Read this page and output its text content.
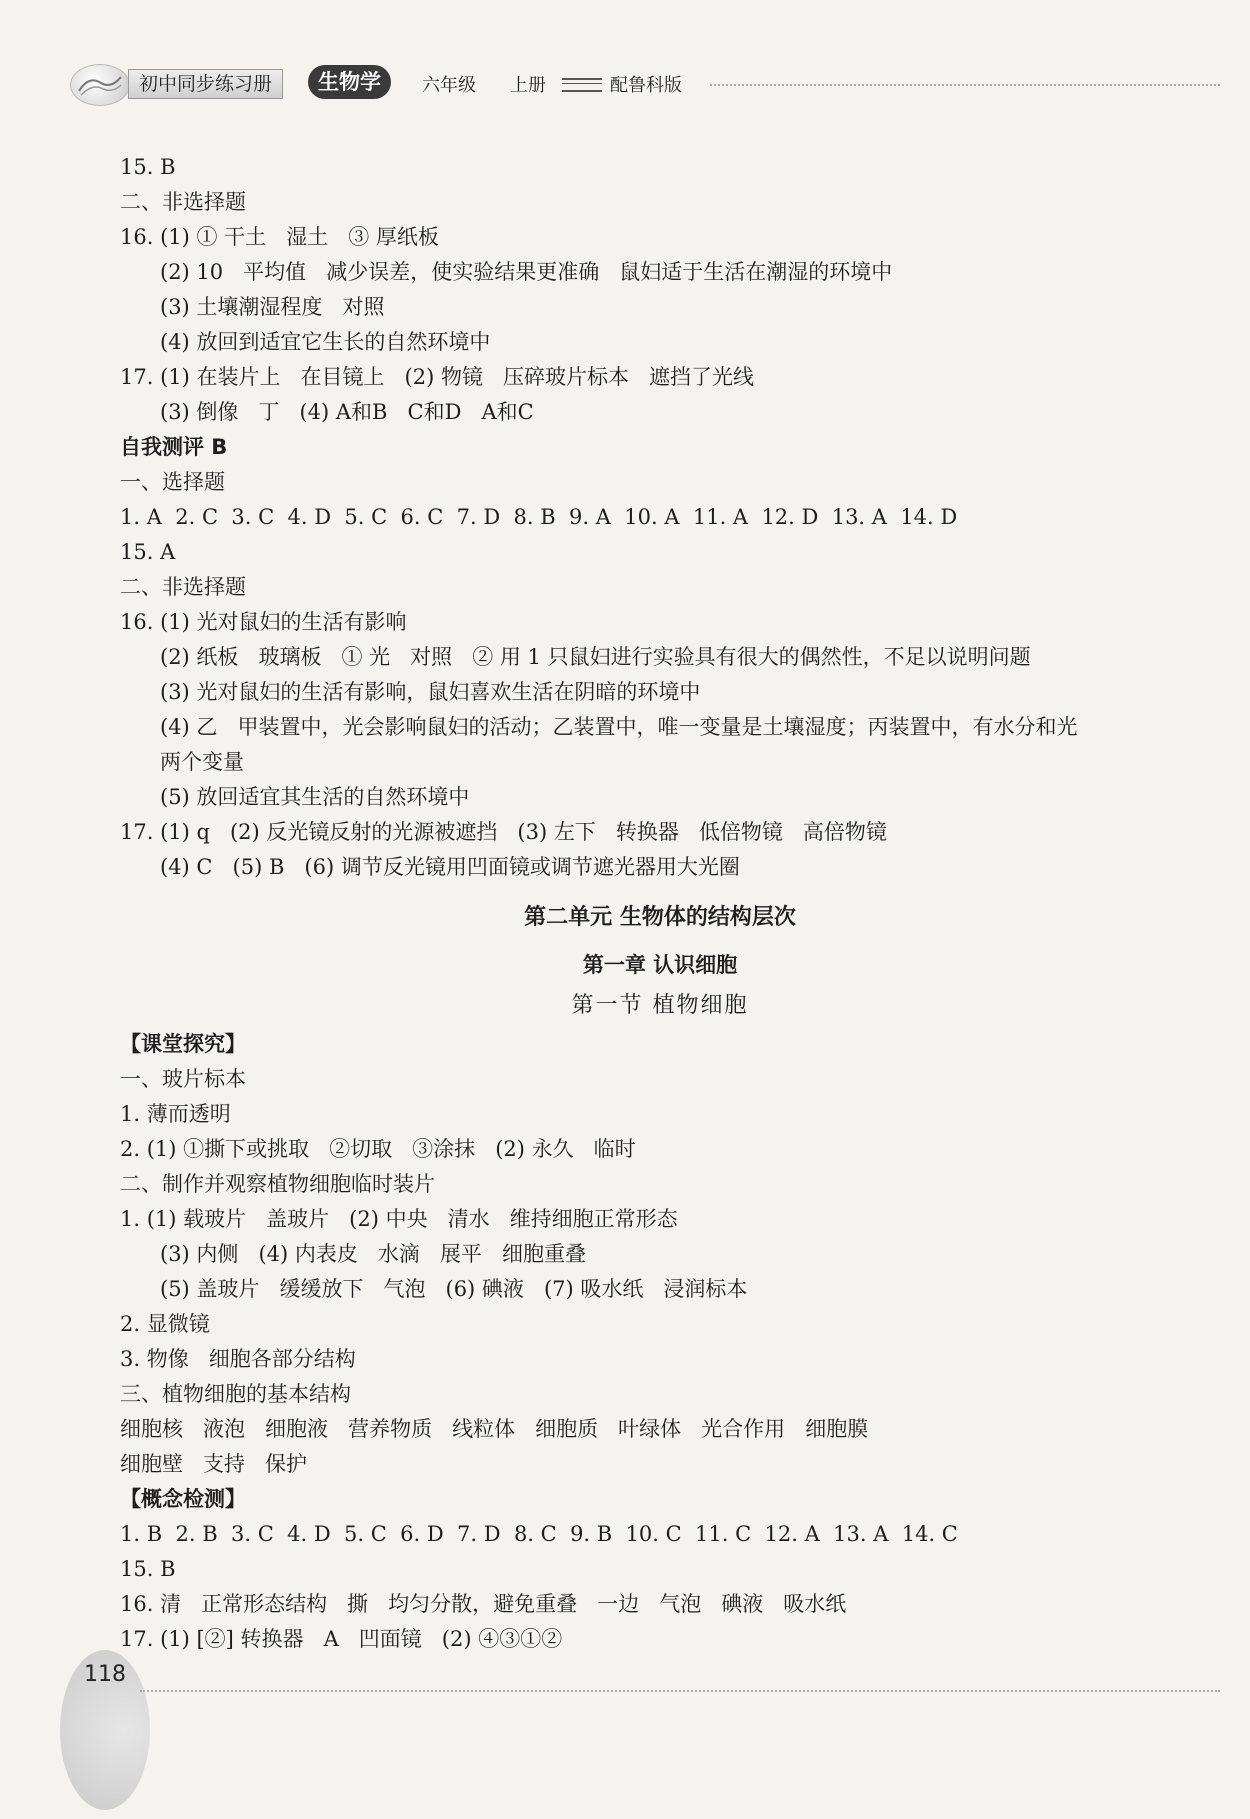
初中同步练习册	生物学	六年级 上册	配鲁科版
15. B
二、非选择题
16. (1) ① 干土   湿土   ③ 厚纸板
(2) 10   平均值   减少误差，使实验结果更准确   鼠妇适于生活在潮湿的环境中
(3) 土壤潮湿程度   对照
(4) 放回到适宜它生长的自然环境中
17. (1) 在装片上   在目镜上   (2) 物镜   压碎玻片标本   遮挡了光线
(3) 倒像   丁   (4) A和B   C和D   A和C
自我测评 B
一、选择题
1. A  2. C  3. C  4. D  5. C  6. C  7. D  8. B  9. A  10. A  11. A  12. D  13. A  14. D
15. A
二、非选择题
16. (1) 光对鼠妇的生活有影响
(2) 纸板   玻璃板   ① 光   对照   ② 用 1 只鼠妇进行实验具有很大的偶然性，不足以说明问题
(3) 光对鼠妇的生活有影响，鼠妇喜欢生活在阴暗的环境中
(4) 乙   甲装置中，光会影响鼠妇的活动；乙装置中，唯一变量是土壤湿度；丙装置中，有水分和光
两个变量
(5) 放回适宜其生活的自然环境中
17. (1) q   (2) 反光镜反射的光源被遮挡   (3) 左下   转换器   低倍物镜   高倍物镜
(4) C   (5) B   (6) 调节反光镜用凹面镜或调节遮光器用大光圈
第二单元 生物体的结构层次
第一章 认识细胞
第一节 植物细胞
【课堂探究】
一、玻片标本
1. 薄而透明
2. (1) ①撕下或挑取   ②切取   ③涂抹   (2) 永久   临时
二、制作并观察植物细胞临时装片
1. (1) 载玻片   盖玻片   (2) 中央   清水   维持细胞正常形态
(3) 内侧   (4) 内表皮   水滴   展平   细胞重叠
(5) 盖玻片   缓缓放下   气泡   (6) 碘液   (7) 吸水纸   浸润标本
2. 显微镜
3. 物像   细胞各部分结构
三、植物细胞的基本结构
细胞核   液泡   细胞液   营养物质   线粒体   细胞质   叶绿体   光合作用   细胞膜
细胞壁   支持   保护
【概念检测】
1. B  2. B  3. C  4. D  5. C  6. D  7. D  8. C  9. B  10. C  11. C  12. A  13. A  14. C
15. B
16. 清   正常形态结构   撕   均匀分散，避免重叠   一边   气泡   碘液   吸水纸
17. (1) [②] 转换器   A   凹面镜   (2) ④③①②
118
